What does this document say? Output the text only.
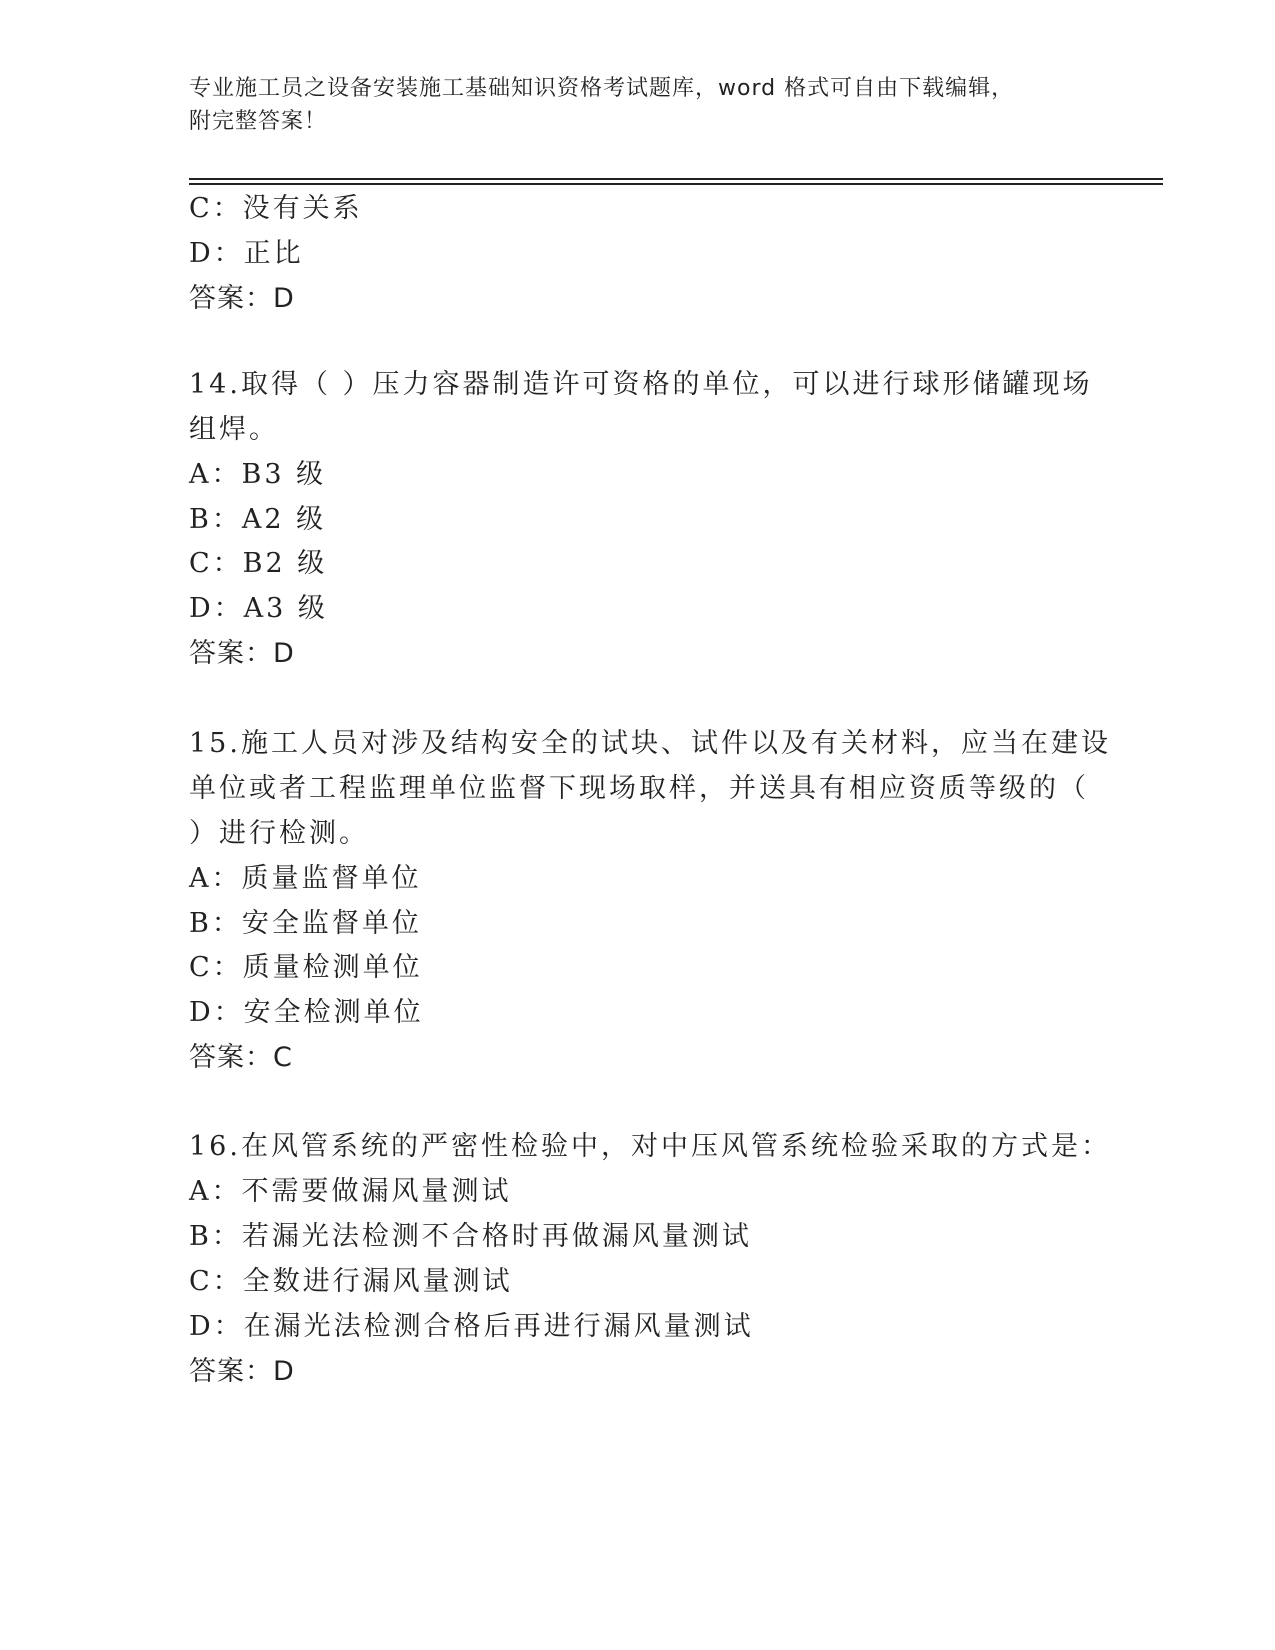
专业施工员之设备安装施工基础知识资格考试题库，word 格式可自由下载编辑，
附完整答案！
C：没有关系
D：正比
答案：D
14.取得（ ）压力容器制造许可资格的单位，可以进行球形储罐现场
组焊。
A：B3 级
B：A2 级
C：B2 级
D：A3 级
答案：D
15.施工人员对涉及结构安全的试块、试件以及有关材料，应当在建设
单位或者工程监理单位监督下现场取样，并送具有相应资质等级的（
）进行检测。
A：质量监督单位
B：安全监督单位
C：质量检测单位
D：安全检测单位
答案：C
16.在风管系统的严密性检验中，对中压风管系统检验采取的方式是：
A：不需要做漏风量测试
B：若漏光法检测不合格时再做漏风量测试
C：全数进行漏风量测试
D：在漏光法检测合格后再进行漏风量测试
答案：D
